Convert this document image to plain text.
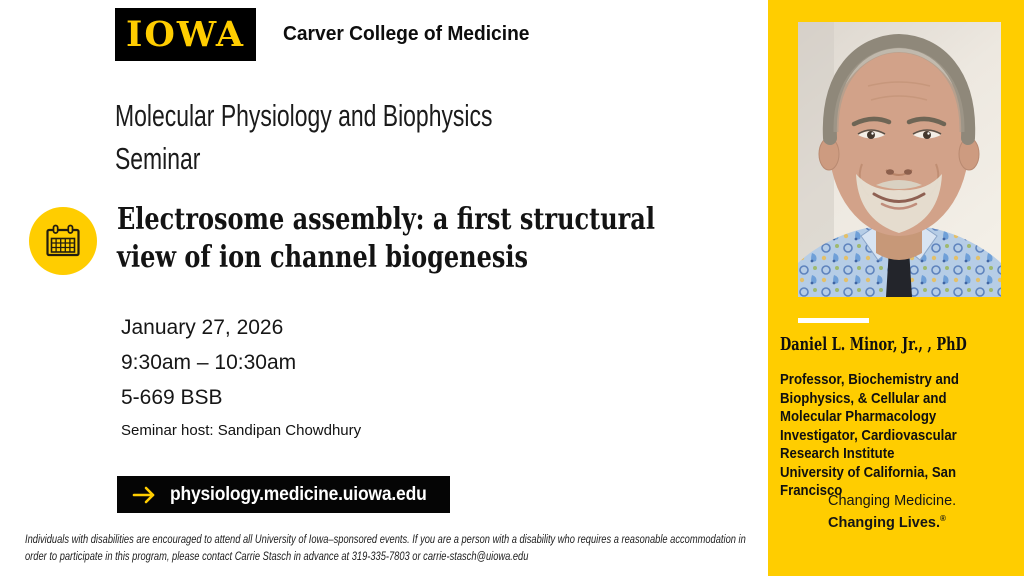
IOWA Carver College of Medicine
Molecular Physiology and Biophysics
Seminar
Electrosome assembly: a first structural
view of ion channel biogenesis
January 27, 2026
9:30am – 10:30am
5-669 BSB
Seminar host: Sandipan Chowdhury
physiology.medicine.uiowa.edu
Individuals with disabilities are encouraged to attend all University of Iowa–sponsored events. If you are a person with a disability who requires a reasonable accommodation in order to participate in this program, please contact Carrie Stasch in advance at 319-335-7803 or carrie-stasch@uiowa.edu
Daniel L. Minor, Jr., , PhD
Professor, Biochemistry and Biophysics, & Cellular and Molecular Pharmacology
Investigator, Cardiovascular Research Institute
University of California, San Francisco
Changing Medicine.
Changing Lives.®
